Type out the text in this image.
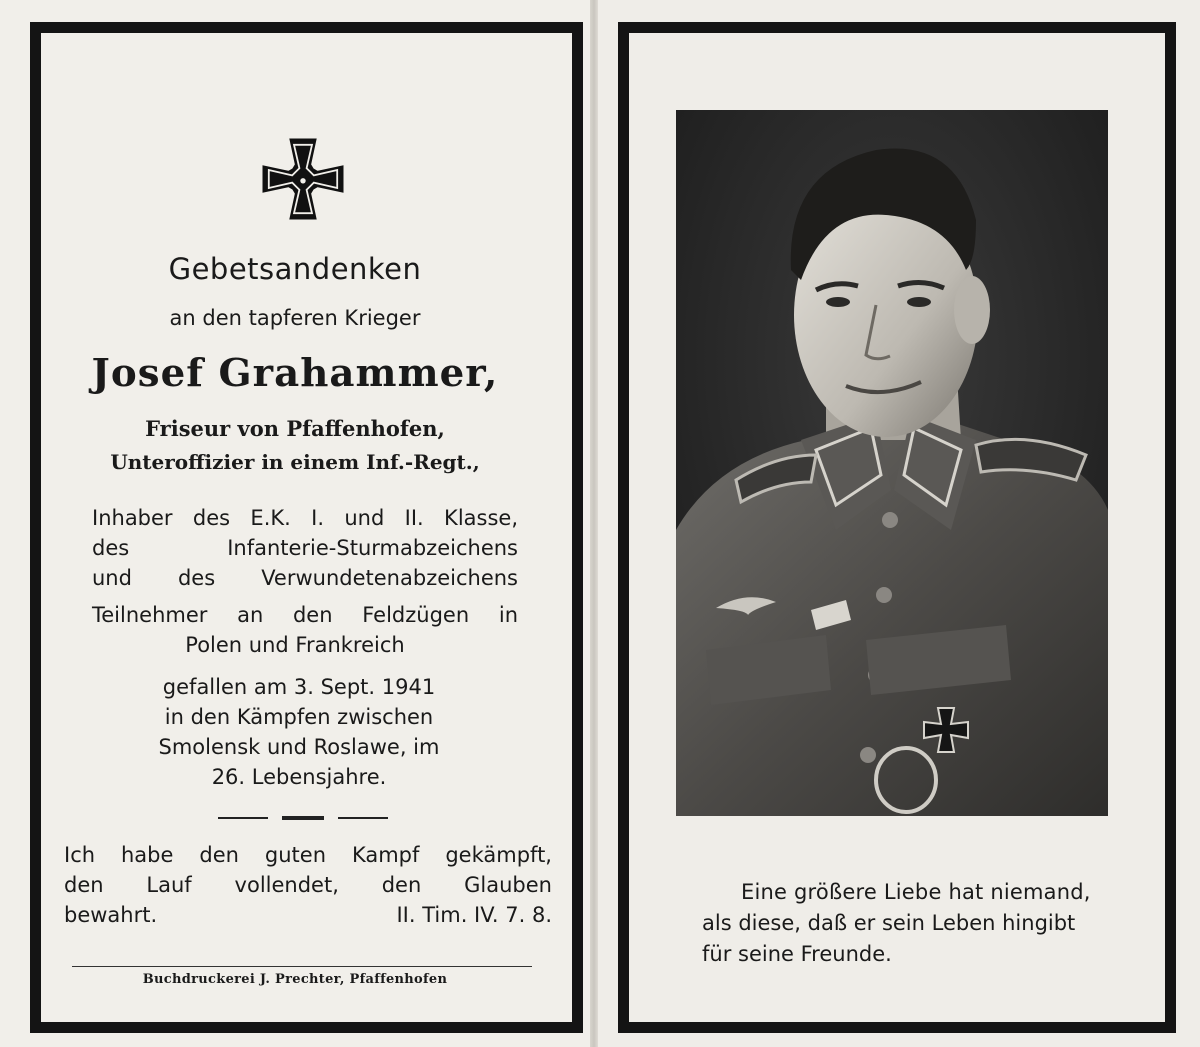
Gebetsandenken
an den tapferen Krieger
Josef Grahammer,
Friseur von Pfaffenhofen,
Unteroffizier in einem Inf.-Regt.,
Inhaber des E.K. I. und II. Klasse,
des Infanterie-Sturmabzeichens
und des Verwundetenabzeichens
Teilnehmer an den Feldzügen in
Polen und Frankreich
gefallen am 3. Sept. 1941
in den Kämpfen zwischen
Smolensk und Roslawe, im
26. Lebensjahre.
Ich habe den guten Kampf gekämpft,
den Lauf vollendet, den Glauben
bewahrt.	II. Tim. IV. 7. 8.
Buchdruckerei J. Prechter, Pfaffenhofen
Eine größere Liebe hat niemand,
als diese, daß er sein Leben hingibt
für seine Freunde.
